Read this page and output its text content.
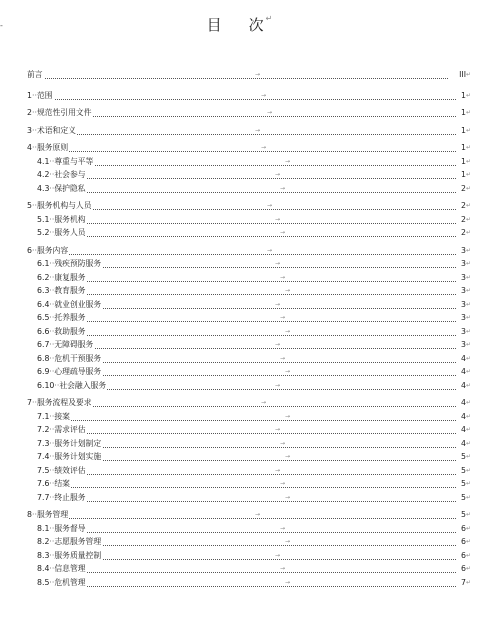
-	目 次↵
前言	→	III ↵
1··范围	→	1 ↵
2··规范性引用文件	→	1 ↵
3··术语和定义	→	1 ↵
4··服务原则	→	1 ↵
4.1··尊重与平等	→	1 ↵
4.2··社会参与	→	1 ↵
4.3··保护隐私	→	2 ↵
5··服务机构与人员	→	2 ↵
5.1··服务机构	→	2 ↵
5.2··服务人员	→	2 ↵
6··服务内容	→	3 ↵
6.1··残疾预防服务	→	3 ↵
6.2··康复服务	→	3 ↵
6.3··教育服务	→	3 ↵
6.4··就业创业服务	→	3 ↵
6.5··托养服务	→	3 ↵
6.6··救助服务	→	3 ↵
6.7··无障碍服务	→	3 ↵
6.8··危机干预服务	→	4 ↵
6.9··心理疏导服务	→	4 ↵
6.10··社会融入服务	→	4 ↵
7··服务流程及要求	→	4 ↵
7.1··接案	→	4 ↵
7.2··需求评估	→	4 ↵
7.3··服务计划制定	→	4 ↵
7.4··服务计划实施	→	5 ↵
7.5··绩效评估	→	5 ↵
7.6··结案	→	5 ↵
7.7··终止服务	→	5 ↵
8··服务管理	→	5 ↵
8.1··服务督导	→	6 ↵
8.2··志愿服务管理	→	6 ↵
8.3··服务质量控制	→	6 ↵
8.4··信息管理	→	6 ↵
8.5··危机管理	→	7 ↵
